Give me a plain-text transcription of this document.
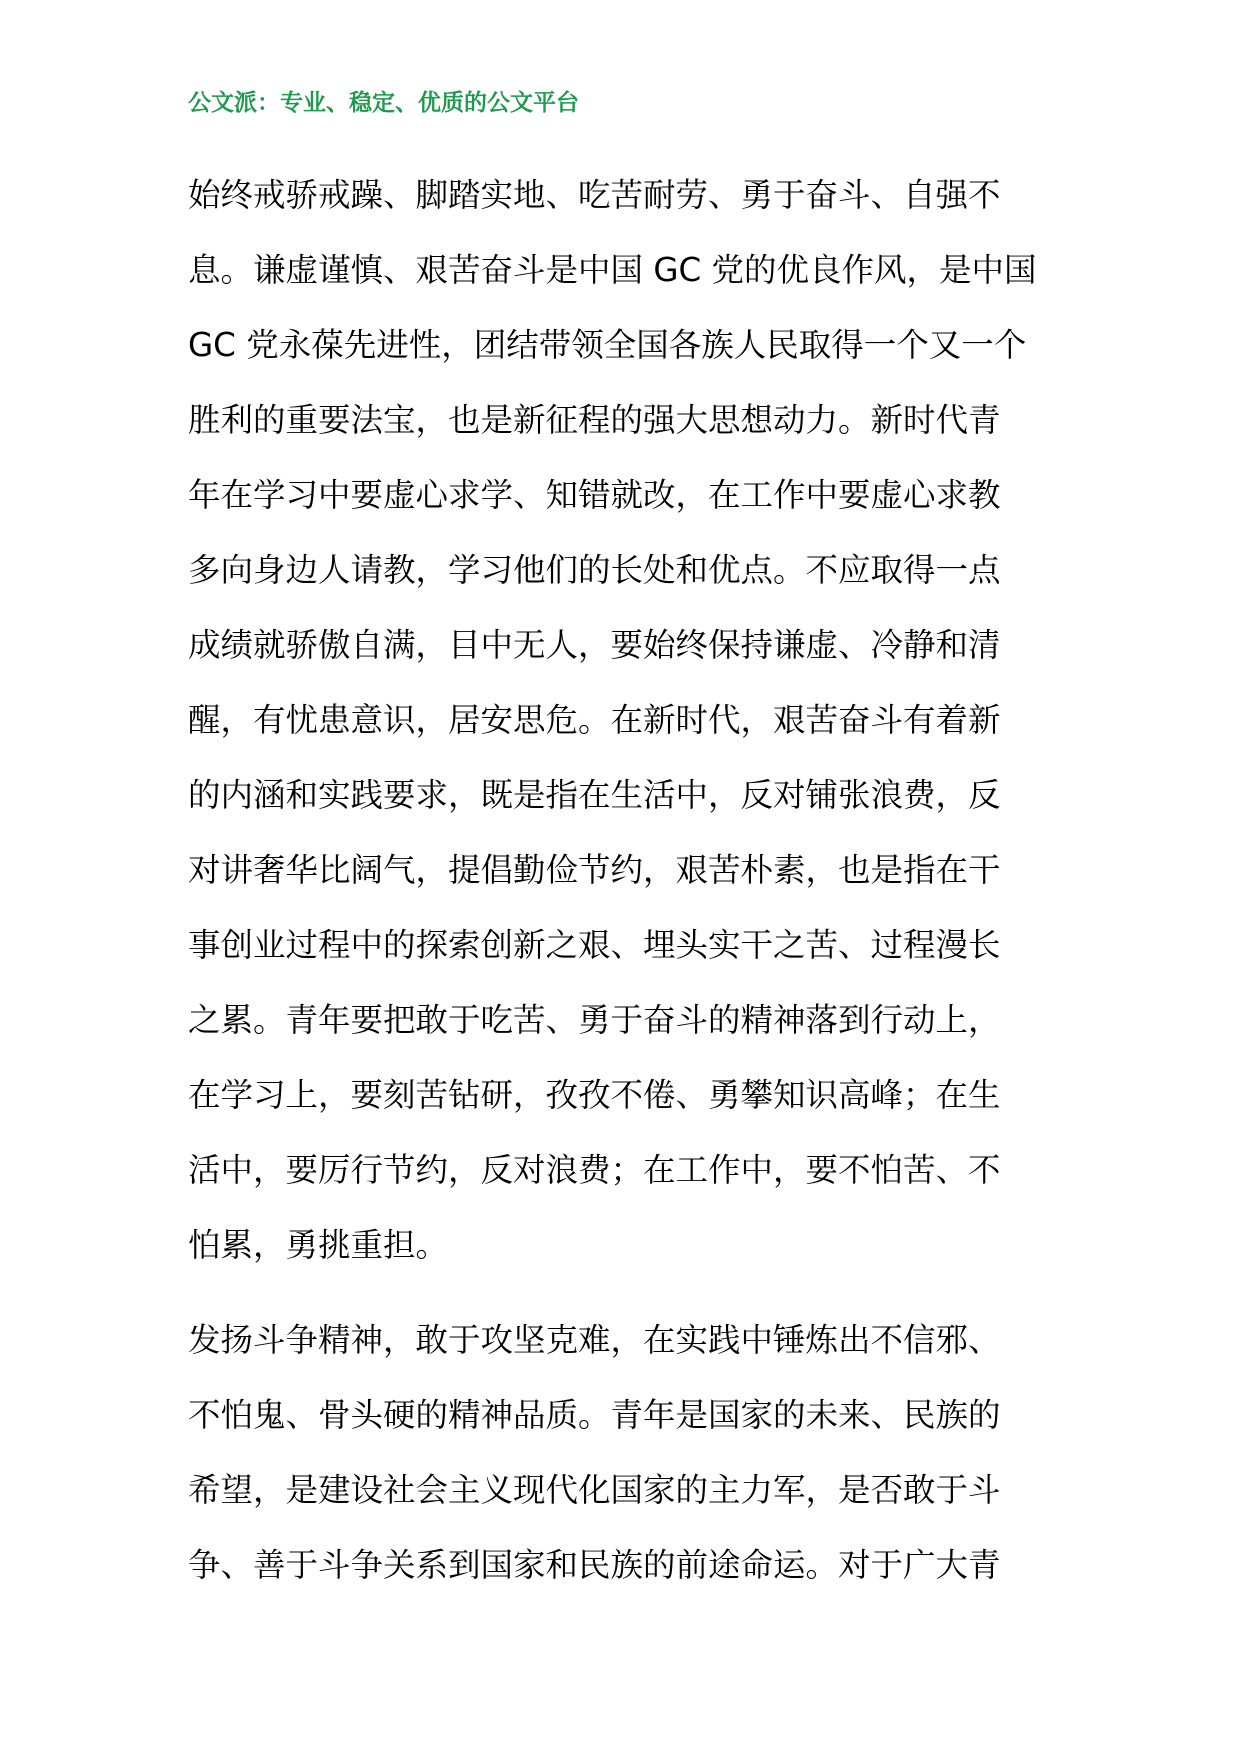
公文派：专业、稳定、优质的公文平台
始终戒骄戒躁、脚踏实地、吃苦耐劳、勇于奋斗、自强不
息。谦虚谨慎、艰苦奋斗是中国 GC 党的优良作风，是中国
GC 党永葆先进性，团结带领全国各族人民取得一个又一个
胜利的重要法宝，也是新征程的强大思想动力。新时代青
年在学习中要虚心求学、知错就改，在工作中要虚心求教
多向身边人请教，学习他们的长处和优点。不应取得一点
成绩就骄傲自满，目中无人，要始终保持谦虚、冷静和清
醒，有忧患意识，居安思危。在新时代，艰苦奋斗有着新
的内涵和实践要求，既是指在生活中，反对铺张浪费，反
对讲奢华比阔气，提倡勤俭节约，艰苦朴素，也是指在干
事创业过程中的探索创新之艰、埋头实干之苦、过程漫长
之累。青年要把敢于吃苦、勇于奋斗的精神落到行动上，
在学习上，要刻苦钻研，孜孜不倦、勇攀知识高峰；在生
活中，要厉行节约，反对浪费；在工作中，要不怕苦、不
怕累，勇挑重担。
发扬斗争精神，敢于攻坚克难，在实践中锤炼出不信邪、
不怕鬼、骨头硬的精神品质。青年是国家的未来、民族的
希望，是建设社会主义现代化国家的主力军，是否敢于斗
争、善于斗争关系到国家和民族的前途命运。对于广大青
